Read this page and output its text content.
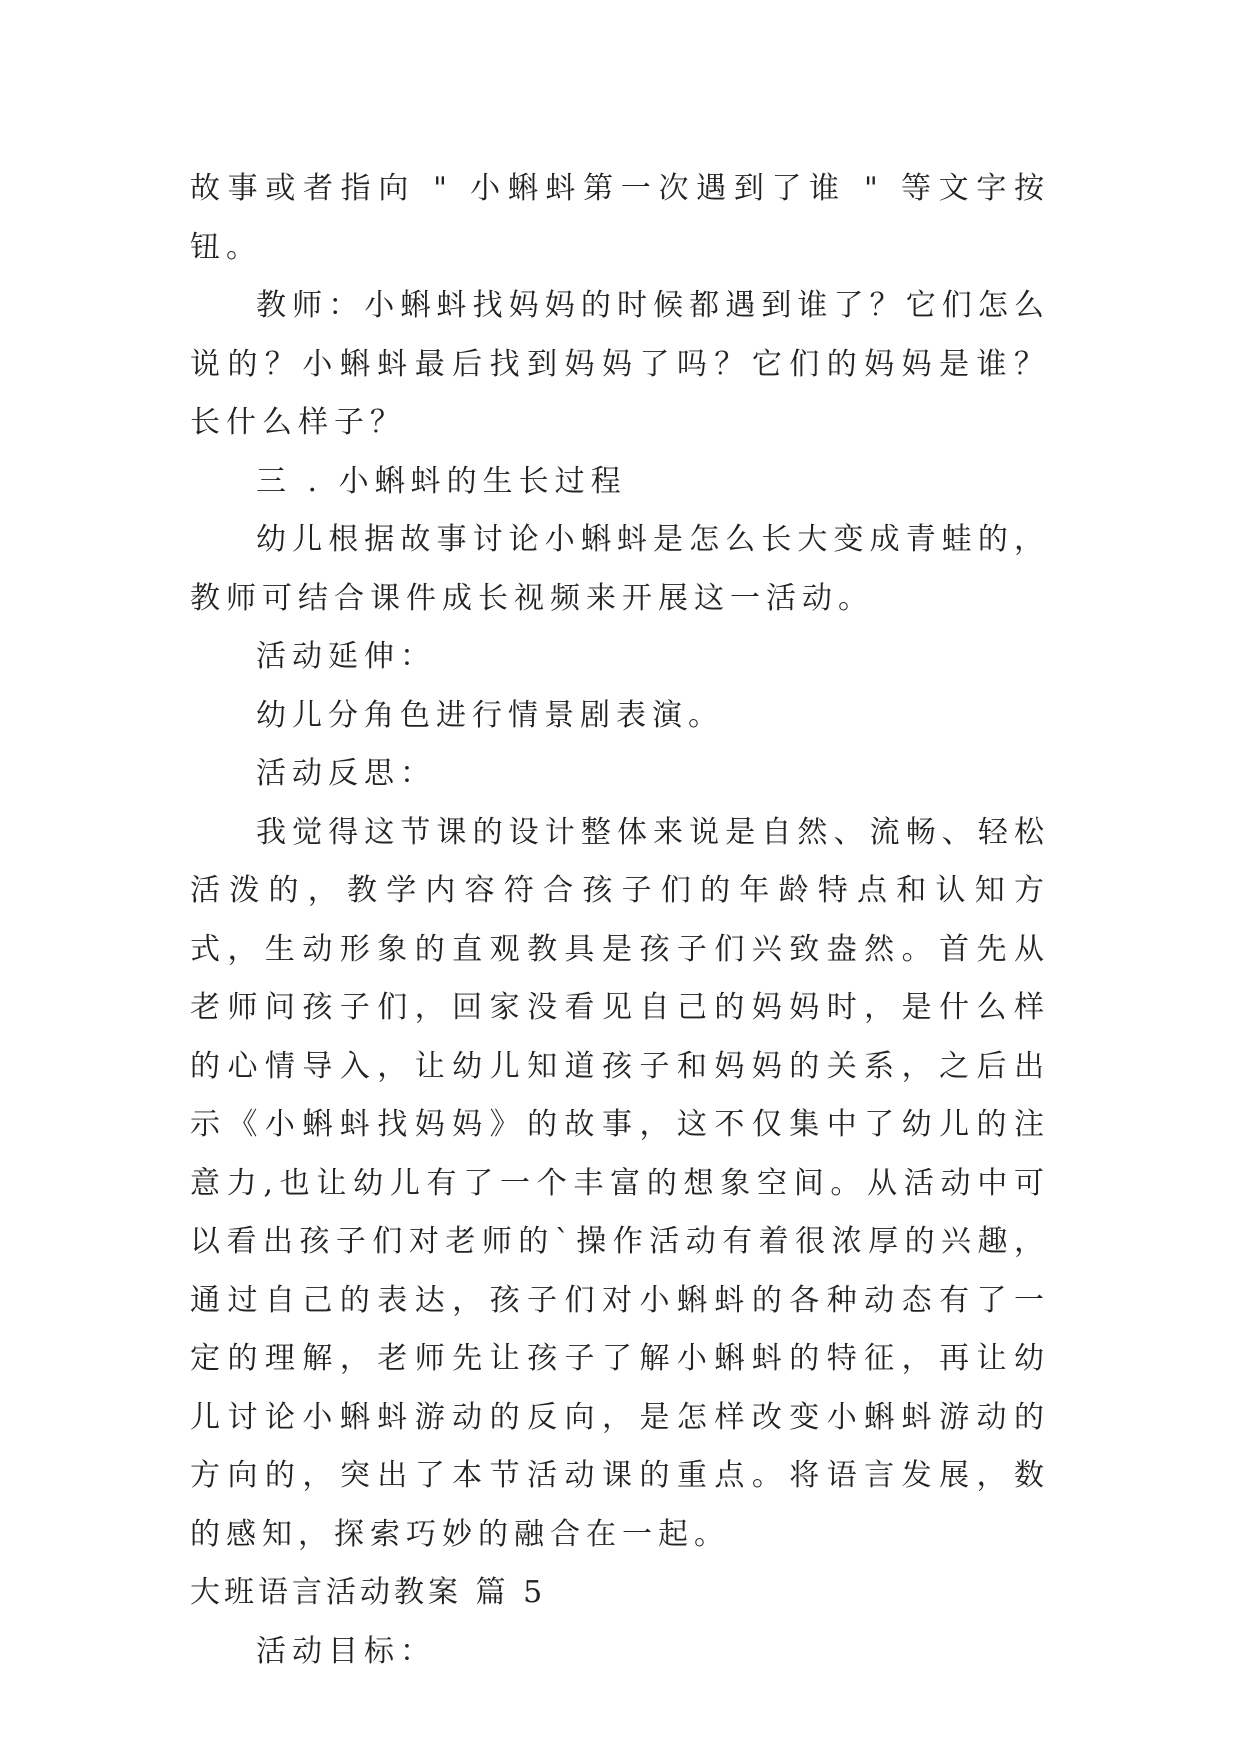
故事或者指向 " 小蝌蚪第一次遇到了谁 " 等文字按钮。

教师：小蝌蚪找妈妈的时候都遇到谁了？它们怎么说的？小蝌蚪最后找到妈妈了吗？它们的妈妈是谁？长什么样子？

三 . 小蝌蚪的生长过程

幼儿根据故事讨论小蝌蚪是怎么长大变成青蛙的，教师可结合课件成长视频来开展这一活动。

活动延伸：

幼儿分角色进行情景剧表演。

活动反思：

我觉得这节课的设计整体来说是自然、流畅、轻松活泼的，教学内容符合孩子们的年龄特点和认知方式，生动形象的直观教具是孩子们兴致盎然。首先从老师问孩子们，回家没看见自己的妈妈时，是什么样的心情导入，让幼儿知道孩子和妈妈的关系，之后出示《小蝌蚪找妈妈》的故事，这不仅集中了幼儿的注意力,也让幼儿有了一个丰富的想象空间。从活动中可以看出孩子们对老师的`操作活动有着很浓厚的兴趣，通过自己的表达，孩子们对小蝌蚪的各种动态有了一定的理解，老师先让孩子了解小蝌蚪的特征，再让幼儿讨论小蝌蚪游动的反向，是怎样改变小蝌蚪游动的方向的，突出了本节活动课的重点。将语言发展，数的感知，探索巧妙的融合在一起。

大班语言活动教案 篇 5

活动目标：
